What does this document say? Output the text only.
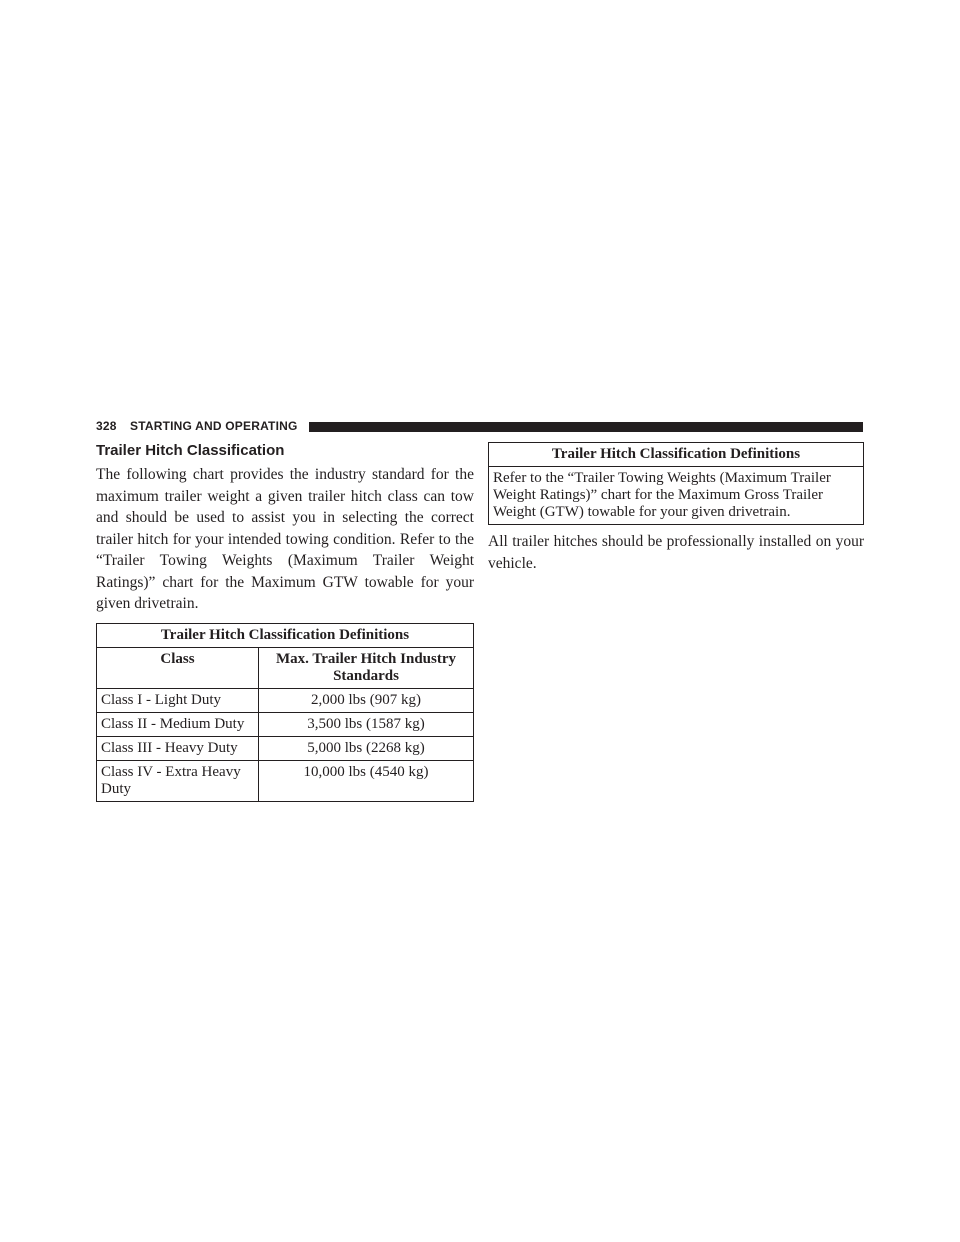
328 STARTING AND OPERATING
Trailer Hitch Classification

The following chart provides the industry standard for the maximum trailer weight a given trailer hitch class can tow and should be used to assist you in selecting the correct trailer hitch for your intended towing condition. Refer to the “Trailer Towing Weights (Maximum Trailer Weight Ratings)” chart for the Maximum GTW towable for your given drivetrain.

Trailer Hitch Classification Definitions	
Class	Max. Trailer Hitch Industry Standards
Class I - Light Duty	2,000 lbs (907 kg)
Class II - Medium Duty	3,500 lbs (1587 kg)
Class III - Heavy Duty	5,000 lbs (2268 kg)
Class IV - Extra Heavy Duty	10,000 lbs (4540 kg)
Trailer Hitch Classification Definitions
Refer to the “Trailer Towing Weights (Maximum Trailer Weight Ratings)” chart for the Maximum Gross Trailer Weight (GTW) towable for your given drivetrain.

All trailer hitches should be professionally installed on your vehicle.
